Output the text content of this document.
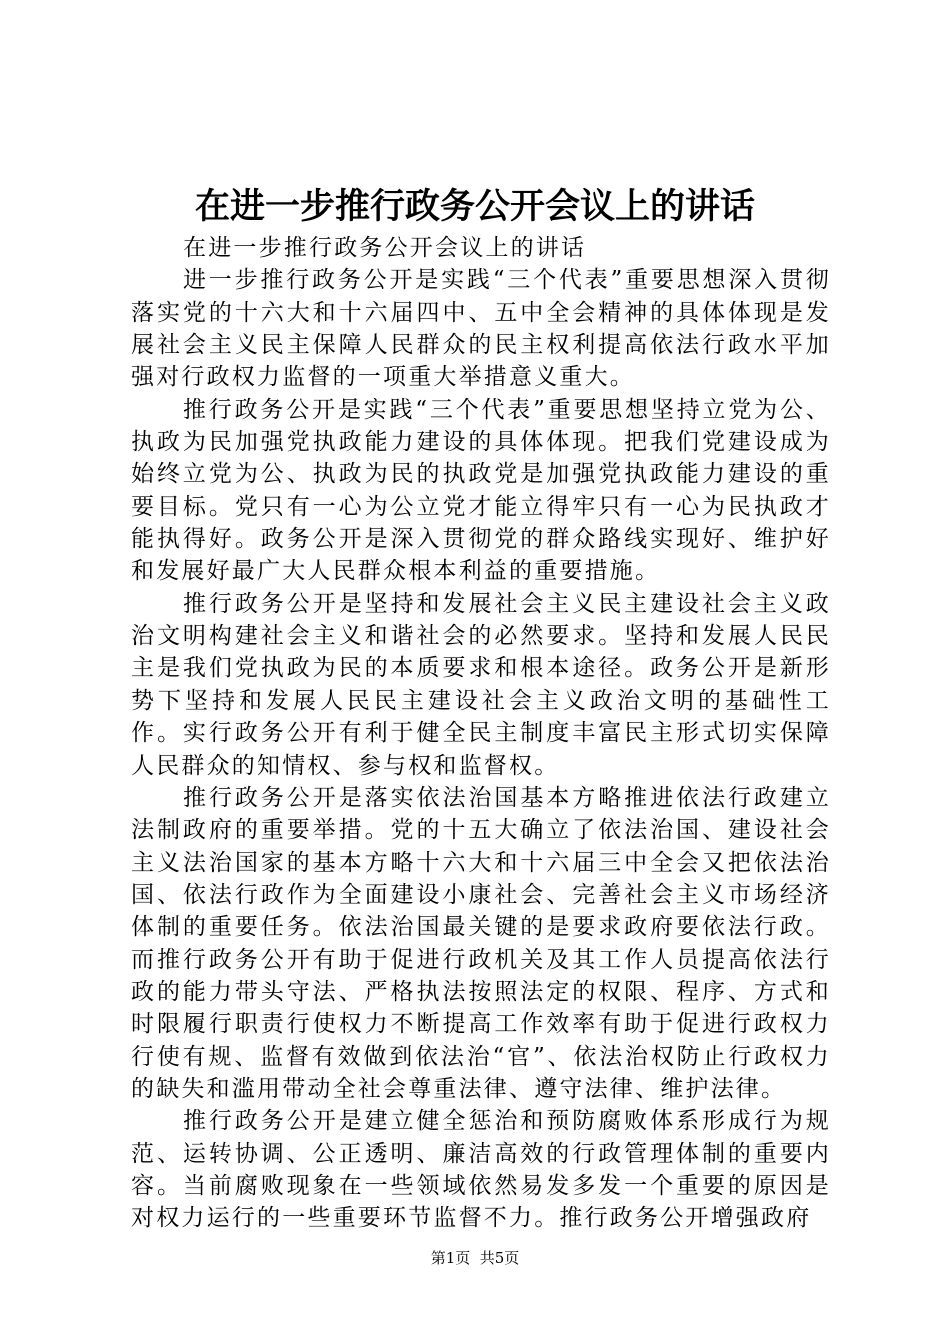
在进一步推行政务公开会议上的讲话

在进一步推行政务公开会议上的讲话

进一步推行政务公开是实践“三个代表”重要思想深入贯彻落实党的十六大和十六届四中、五中全会精神的具体体现是发展社会主义民主保障人民群众的民主权利提高依法行政水平加强对行政权力监督的一项重大举措意义重大。

推行政务公开是实践“三个代表”重要思想坚持立党为公、执政为民加强党执政能力建设的具体体现。把我们党建设成为始终立党为公、执政为民的执政党是加强党执政能力建设的重要目标。党只有一心为公立党才能立得牢只有一心为民执政才能执得好。政务公开是深入贯彻党的群众路线实现好、维护好和发展好最广大人民群众根本利益的重要措施。

推行政务公开是坚持和发展社会主义民主建设社会主义政治文明构建社会主义和谐社会的必然要求。坚持和发展人民民主是我们党执政为民的本质要求和根本途径。政务公开是新形势下坚持和发展人民民主建设社会主义政治文明的基础性工作。实行政务公开有利于健全民主制度丰富民主形式切实保障人民群众的知情权、参与权和监督权。

推行政务公开是落实依法治国基本方略推进依法行政建立法制政府的重要举措。党的十五大确立了依法治国、建设社会主义法治国家的基本方略十六大和十六届三中全会又把依法治国、依法行政作为全面建设小康社会、完善社会主义市场经济体制的重要任务。依法治国最关键的是要求政府要依法行政。而推行政务公开有助于促进行政机关及其工作人员提高依法行政的能力带头守法、严格执法按照法定的权限、程序、方式和时限履行职责行使权力不断提高工作效率有助于促进行政权力行使有规、监督有效做到依法治“官”、依法治权防止行政权力的缺失和滥用带动全社会尊重法律、遵守法律、维护法律。

推行政务公开是建立健全惩治和预防腐败体系形成行为规范、运转协调、公正透明、廉洁高效的行政管理体制的重要内容。当前腐败现象在一些领域依然易发多发一个重要的原因是对权力运行的一些重要环节监督不力。推行政务公开增强政府

第1页  共5页
